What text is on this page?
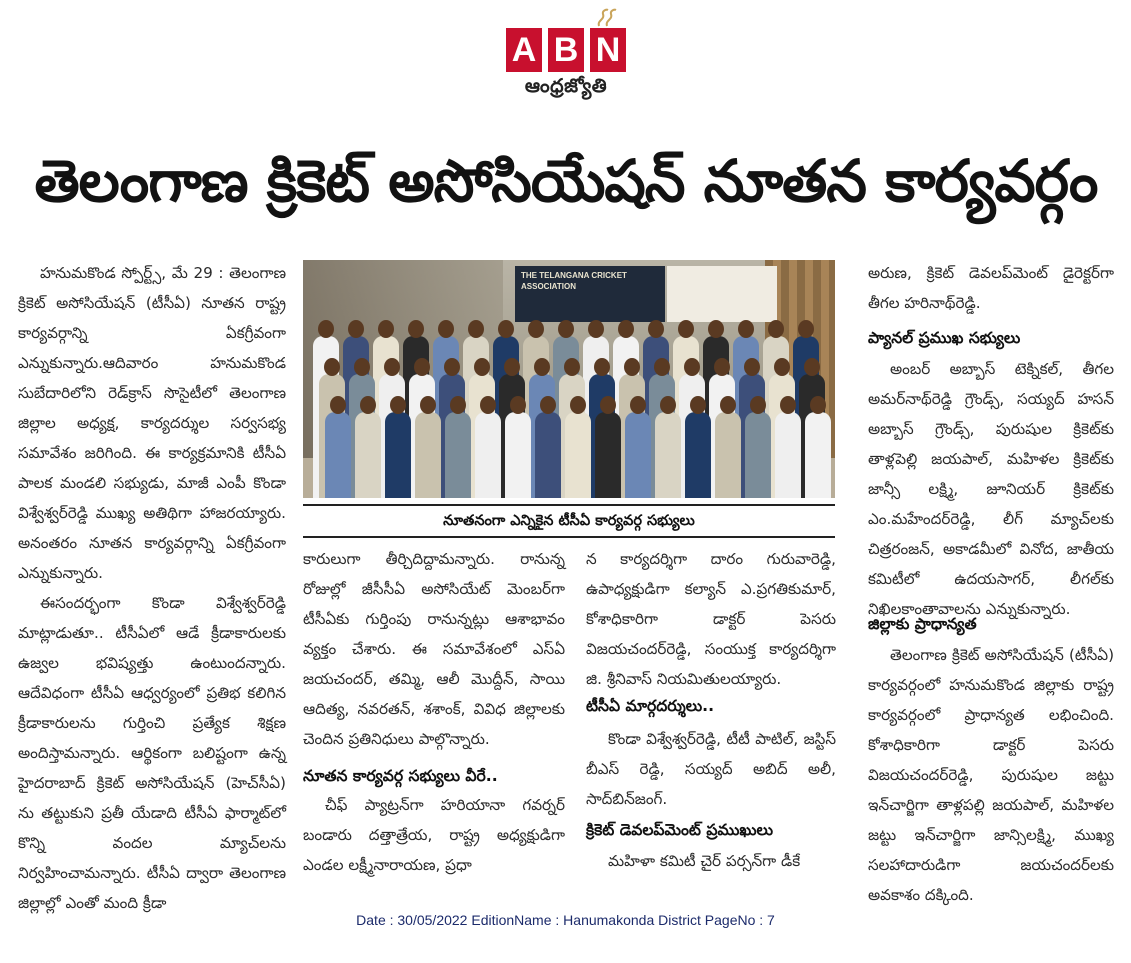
A B N
ఆంధ్రజ్యోతి
తెలంగాణ క్రికెట్ అసోసియేషన్ నూతన కార్యవర్గం

హనుమకొండ స్పోర్ట్స్, మే 29 : తెలంగాణ క్రికెట్ అసోసియేషన్ (టీసీఏ) నూతన రాష్ట్ర కార్యవర్గాన్ని ఏకగ్రీవంగా ఎన్నుకున్నారు.ఆదివారం హనుమకొండ సుబేదారిలోని రెడ్‌క్రాస్ సొసైటీలో తెలంగాణ జిల్లాల అధ్యక్ష, కార్యదర్శుల సర్వసభ్య సమావేశం జరిగింది. ఈ కార్యక్రమానికి టీసీఏ పాలక మండలి సభ్యుడు, మాజీ ఎంపీ కొండా విశ్వేశ్వర్‌రెడ్డి ముఖ్య అతిథిగా హాజరయ్యారు. అనంతరం నూతన కార్యవర్గాన్ని ఏకగ్రీవంగా ఎన్నుకున్నారు.

ఈసందర్భంగా కొండా విశ్వేశ్వర్‌రెడ్డి మాట్లాడుతూ.. టీసీఏలో ఆడే క్రీడాకారులకు ఉజ్వల భవిష్యత్తు ఉంటుందన్నారు. ఆదేవిధంగా టీసీఏ ఆధ్వర్యంలో ప్రతిభ కలిగిన క్రీడాకారులను గుర్తించి ప్రత్యేక శిక్షణ అందిస్తామన్నారు. ఆర్థికంగా బలిష్టంగా ఉన్న హైదరాబాద్ క్రికెట్ అసోసియేషన్ (హెచ్‌సీఏ) ను తట్టుకుని ప్రతీ యేడాది టీసీఏ ఫార్మాట్‌లో కొన్ని వందల మ్యాచ్‌లను నిర్వహించామన్నారు. టీసీఏ ద్వారా తెలంగాణ జిల్లాల్లో ఎంతో మంది క్రీడా

THE TELANGANA CRICKET ASSOCIATION
నూతనంగా ఎన్నికైన టీసీఏ కార్యవర్గ సభ్యులు

కారులుగా తీర్చిదిద్దామన్నారు. రానున్న రోజుల్లో జీసీసీఏ అసోసియేట్ మెంబర్‌గా టీసీఏకు గుర్తింపు రానున్నట్లు ఆశాభావం వ్యక్తం చేశారు. ఈ సమావేశంలో ఎస్‌ఏ జయచందర్, తమ్మి, ఆలీ మొద్దీన్, సాయి ఆదిత్య, నవరతన్, శశాంక్, వివిధ జిల్లాలకు చెందిన ప్రతినిధులు పాల్గొన్నారు.

నూతన కార్యవర్గ సభ్యులు వీరే..

చీఫ్ ప్యాట్రన్‌గా హరియానా గవర్నర్ బండారు దత్తాత్రేయ, రాష్ట్ర అధ్యక్షుడిగా ఎండల లక్ష్మీనారాయణ, ప్రధా

న కార్యదర్శిగా దారం గురువారెడ్డి, ఉపాధ్యక్షుడిగా కల్యాన్ ఎ.ప్రగతికుమార్, కోశాధికారిగా డాక్టర్ పెసరు విజయచందర్‌రెడ్డి, సంయుక్త కార్యదర్శిగా జి. శ్రీనివాస్ నియమితులయ్యారు.

టీసీఏ మార్గదర్శులు..

కొండా విశ్వేశ్వర్‌రెడ్డి, టీటీ పాటిల్, జస్టిస్ బీఎస్ రెడ్డి, సయ్యద్ అబిద్ అలీ, సాద్‌బిన్‌జంగ్.

క్రికెట్ డెవలప్‌మెంట్ ప్రముఖులు

మహిళా కమిటీ చైర్ పర్సన్‌గా డీకే

అరుణ, క్రికెట్ డెవలప్‌మెంట్ డైరెక్టర్‌గా తీగల హరినాథ్‌రెడ్డి.

ప్యానల్ ప్రముఖ సభ్యులు

అంబర్ అబ్బాస్ టెక్నికల్, తీగల అమర్‌నాథ్‌రెడ్డి గ్రౌండ్స్, సయ్యద్ హసన్ అబ్బాస్ గ్రౌండ్స్, పురుషుల క్రికెట్‌కు తాళ్లపెల్లి జయపాల్, మహిళల క్రికెట్‌కు జాన్సీ లక్ష్మి, జూనియర్ క్రికెట్‌కు ఎం.మహేందర్‌రెడ్డి, లీగ్ మ్యాచ్‌లకు చిత్రరంజన్, అకాడమీలో వినోద, జాతీయ కమిటీలో ఉదయసాగర్, లీగల్‌కు నిఖిలకాంతావాలను ఎన్నుకున్నారు.

జిల్లాకు ప్రాధాన్యత

తెలంగాణ క్రికెట్ అసోసియేషన్ (టీసీఏ) కార్యవర్గంలో హనుమకొండ జిల్లాకు రాష్ట్ర కార్యవర్గంలో ప్రాధాన్యత లభించింది. కోశాధికారిగా డాక్టర్ పెసరు విజయచందర్‌రెడ్డి, పురుషుల జట్టు ఇన్‌చార్జిగా తాళ్లపల్లి జయపాల్, మహిళల జట్టు ఇన్‌చార్జిగా జాన్సిలక్ష్మి, ముఖ్య సలహాదారుడిగా జయచందర్‌లకు అవకాశం దక్కింది.

Date : 30/05/2022 EditionName : Hanumakonda District PageNo : 7
